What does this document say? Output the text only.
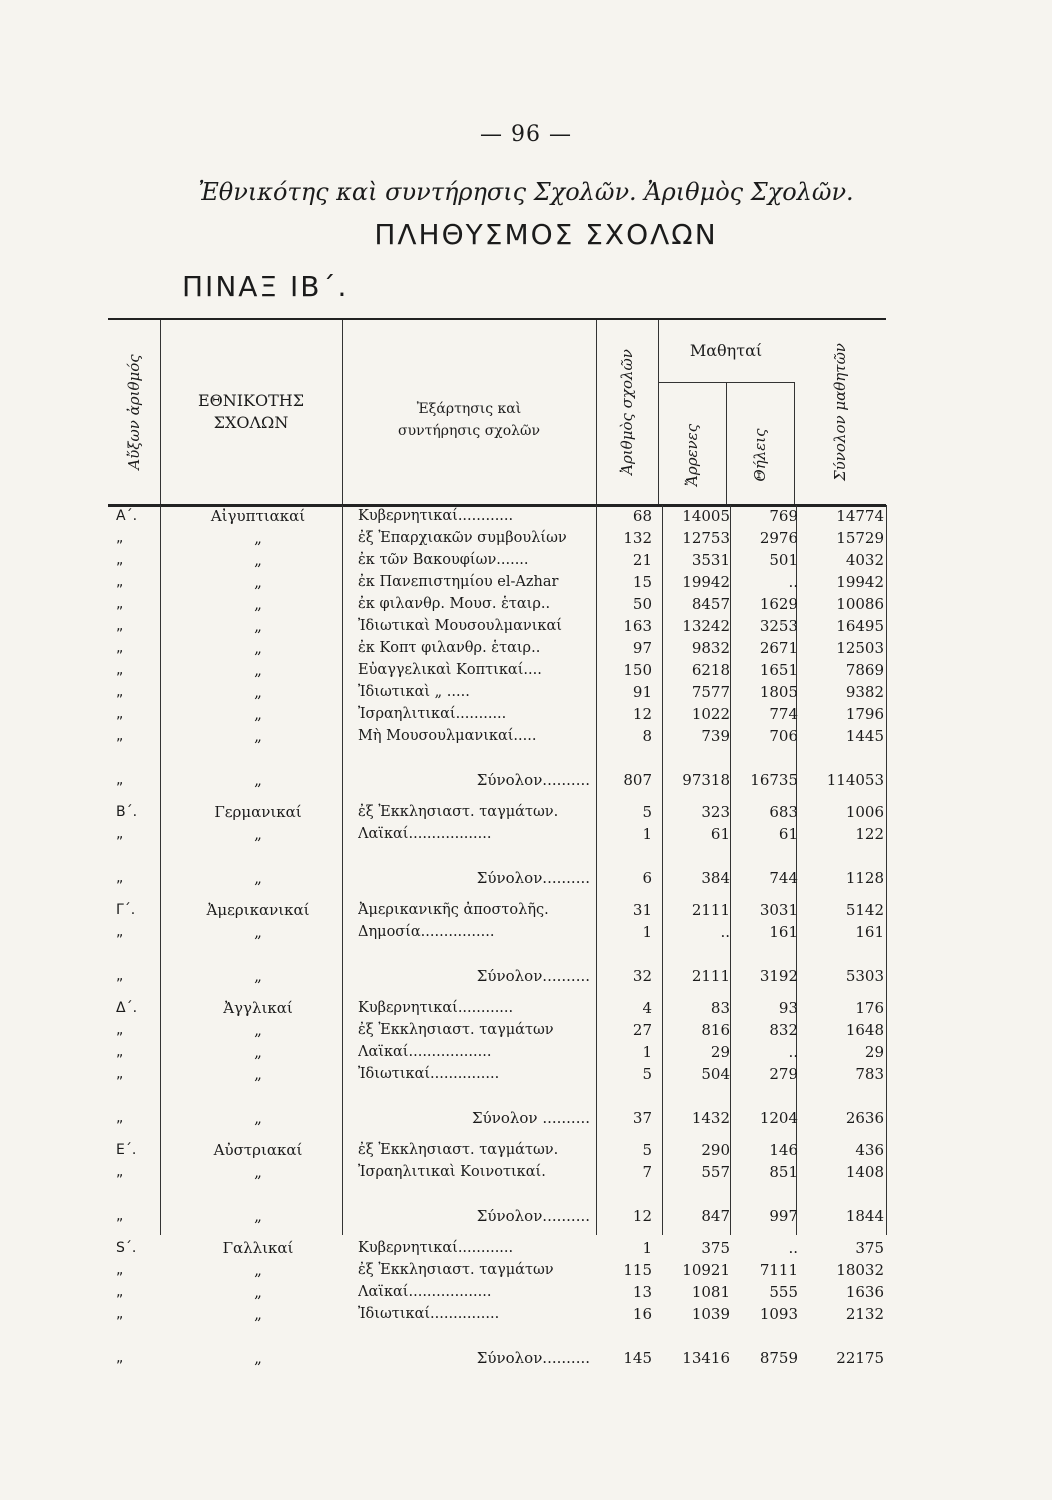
— 96 —
Ἐθνικότης καὶ συντήρησις Σχολῶν. Ἀριθμὸς Σχολῶν.
ΠΛΗΘΥΣΜΟΣ ΣΧΟΛΩΝ
ΠΙΝΑΞ ΙΒ΄.
Αὔξων ἀριθμός	ΕΘΝΙΚΟΤΗΣ ΣΧΟΛΩΝ
Ἐξάρτησις καὶ συντήρησις σχολῶν	Ἀριθμὸς σχολῶν	Μαθηταί
Ἄρρενες	Θήλεις	Σύνολον μαθητῶν
Α΄.	Αἰγυπτιακαί	Κυβερνητικαί............	68	14005	769	14774
„	„	ἐξ Ἐπαρχιακῶν συμβουλίων	132	12753	2976	15729
„	„	ἐκ τῶν Βακουφίων.......	21	3531	501	4032
„	„	ἐκ Πανεπιστημίου el-Azhar	15	19942	..	19942
„	„	ἐκ φιλανθρ. Μουσ. ἑταιρ..	50	8457	1629	10086
„	„	Ἰδιωτικαὶ Μουσουλμανικαί	163	13242	3253	16495
„	„	ἐκ Κοπτ φιλανθρ. ἑταιρ..	97	9832	2671	12503
„	„	Εὐαγγελικαὶ Κοπτικαί....	150	6218	1651	7869
„	„	Ἰδιωτικαὶ „ .....	91	7577	1805	9382
„	„	Ἰσραηλιτικαί...........	12	1022	774	1796
„	„	Μὴ Μουσουλμανικαί.....	8	739	706	1445
„	„	Σύνολον..........	807	97318	16735	114053
Β΄.	Γερμανικαί	ἐξ Ἐκκλησιαστ. ταγμάτων.	5	323	683	1006
„	„	Λαϊκαί..................	1	61	61	122
„	„	Σύνολον..........	6	384	744	1128
Γ΄.	Ἀμερικανικαί	Ἀμερικανικῆς ἀποστολῆς.	31	2111	3031	5142
„	„	Δημοσία................	1	..	161	161
„	„	Σύνολον..........	32	2111	3192	5303
Δ΄.	Ἀγγλικαί	Κυβερνητικαί............	4	83	93	176
„	„	ἐξ Ἐκκλησιαστ. ταγμάτων	27	816	832	1648
„	„	Λαϊκαί..................	1	29	..	29
„	„	Ἰδιωτικαί...............	5	504	279	783
„	„	Σύνολον ..........	37	1432	1204	2636
Ε΄.	Αὐστριακαί	ἐξ Ἐκκλησιαστ. ταγμάτων.	5	290	146	436
„	„	Ἰσραηλιτικαὶ Κοινοτικαί.	7	557	851	1408
„	„	Σύνολον..........	12	847	997	1844
S΄.	Γαλλικαί	Κυβερνητικαί............	1	375	..	375
„	„	ἐξ Ἐκκλησιαστ. ταγμάτων	115	10921	7111	18032
„	„	Λαϊκαί..................	13	1081	555	1636
„	„	Ἰδιωτικαί...............	16	1039	1093	2132
„	„	Σύνολον..........	145	13416	8759	22175
